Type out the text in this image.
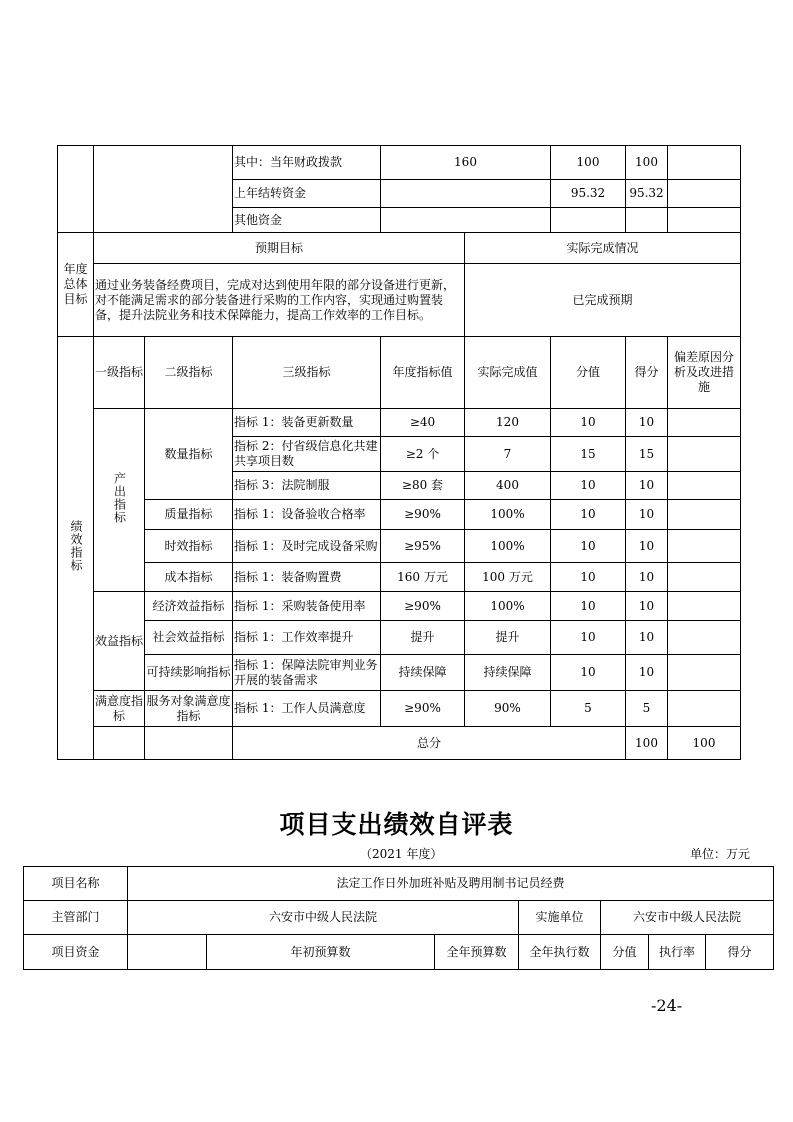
			其中：当年财政拨款	160		100	100		
			上年结转资金			95.32	95.32		
			其他资金						
年度总体目标	预期目标				实际完成情况				
	通过业务装备经费项目，完成对达到使用年限的部分设备进行更新，对不能满足需求的部分装备进行采购的工作内容，实现通过购置装备，提升法院业务和技术保障能力，提高工作效率的工作目标。				已完成预期				
绩效指标	一级指标	二级指标	三级指标	年度指标值	实际完成值	分值	得分	偏差原因分析及改进措施	
	产出指标	数量指标	指标 1：装备更新数量	≥40	120	10	10		
			指标 2：付省级信息化共建共享项目数	≥2 个	7	15	15		
			指标 3：法院制服	≥80 套	400	10	10		
		质量指标	指标 1：设备验收合格率	≥90%	100%	10	10		
		时效指标	指标 1：及时完成设备采购	≥95%	100%	10	10		
		成本指标	指标 1：装备购置费	160 万元	100 万元	10	10		
	效益指标	经济效益指标	指标 1：采购装备使用率	≥90%	100%	10	10		
		社会效益指标	指标 1：工作效率提升	提升	提升	10	10		
		可持续影响指标	指标 1：保障法院审判业务开展的装备需求	持续保障	持续保障	10	10		
	满意度指标	服务对象满意度指标	指标 1：工作人员满意度	≥90%	90%	5	5		
			总分				100	100	
项目支出绩效自评表
（2021 年度）	单位：万元
项目名称	法定工作日外加班补贴及聘用制书记员经费						
主管部门	六安市中级人民法院			实施单位	六安市中级人民法院		
项目资金		年初预算数	全年预算数	全年执行数	分值	执行率	得分
-24-
